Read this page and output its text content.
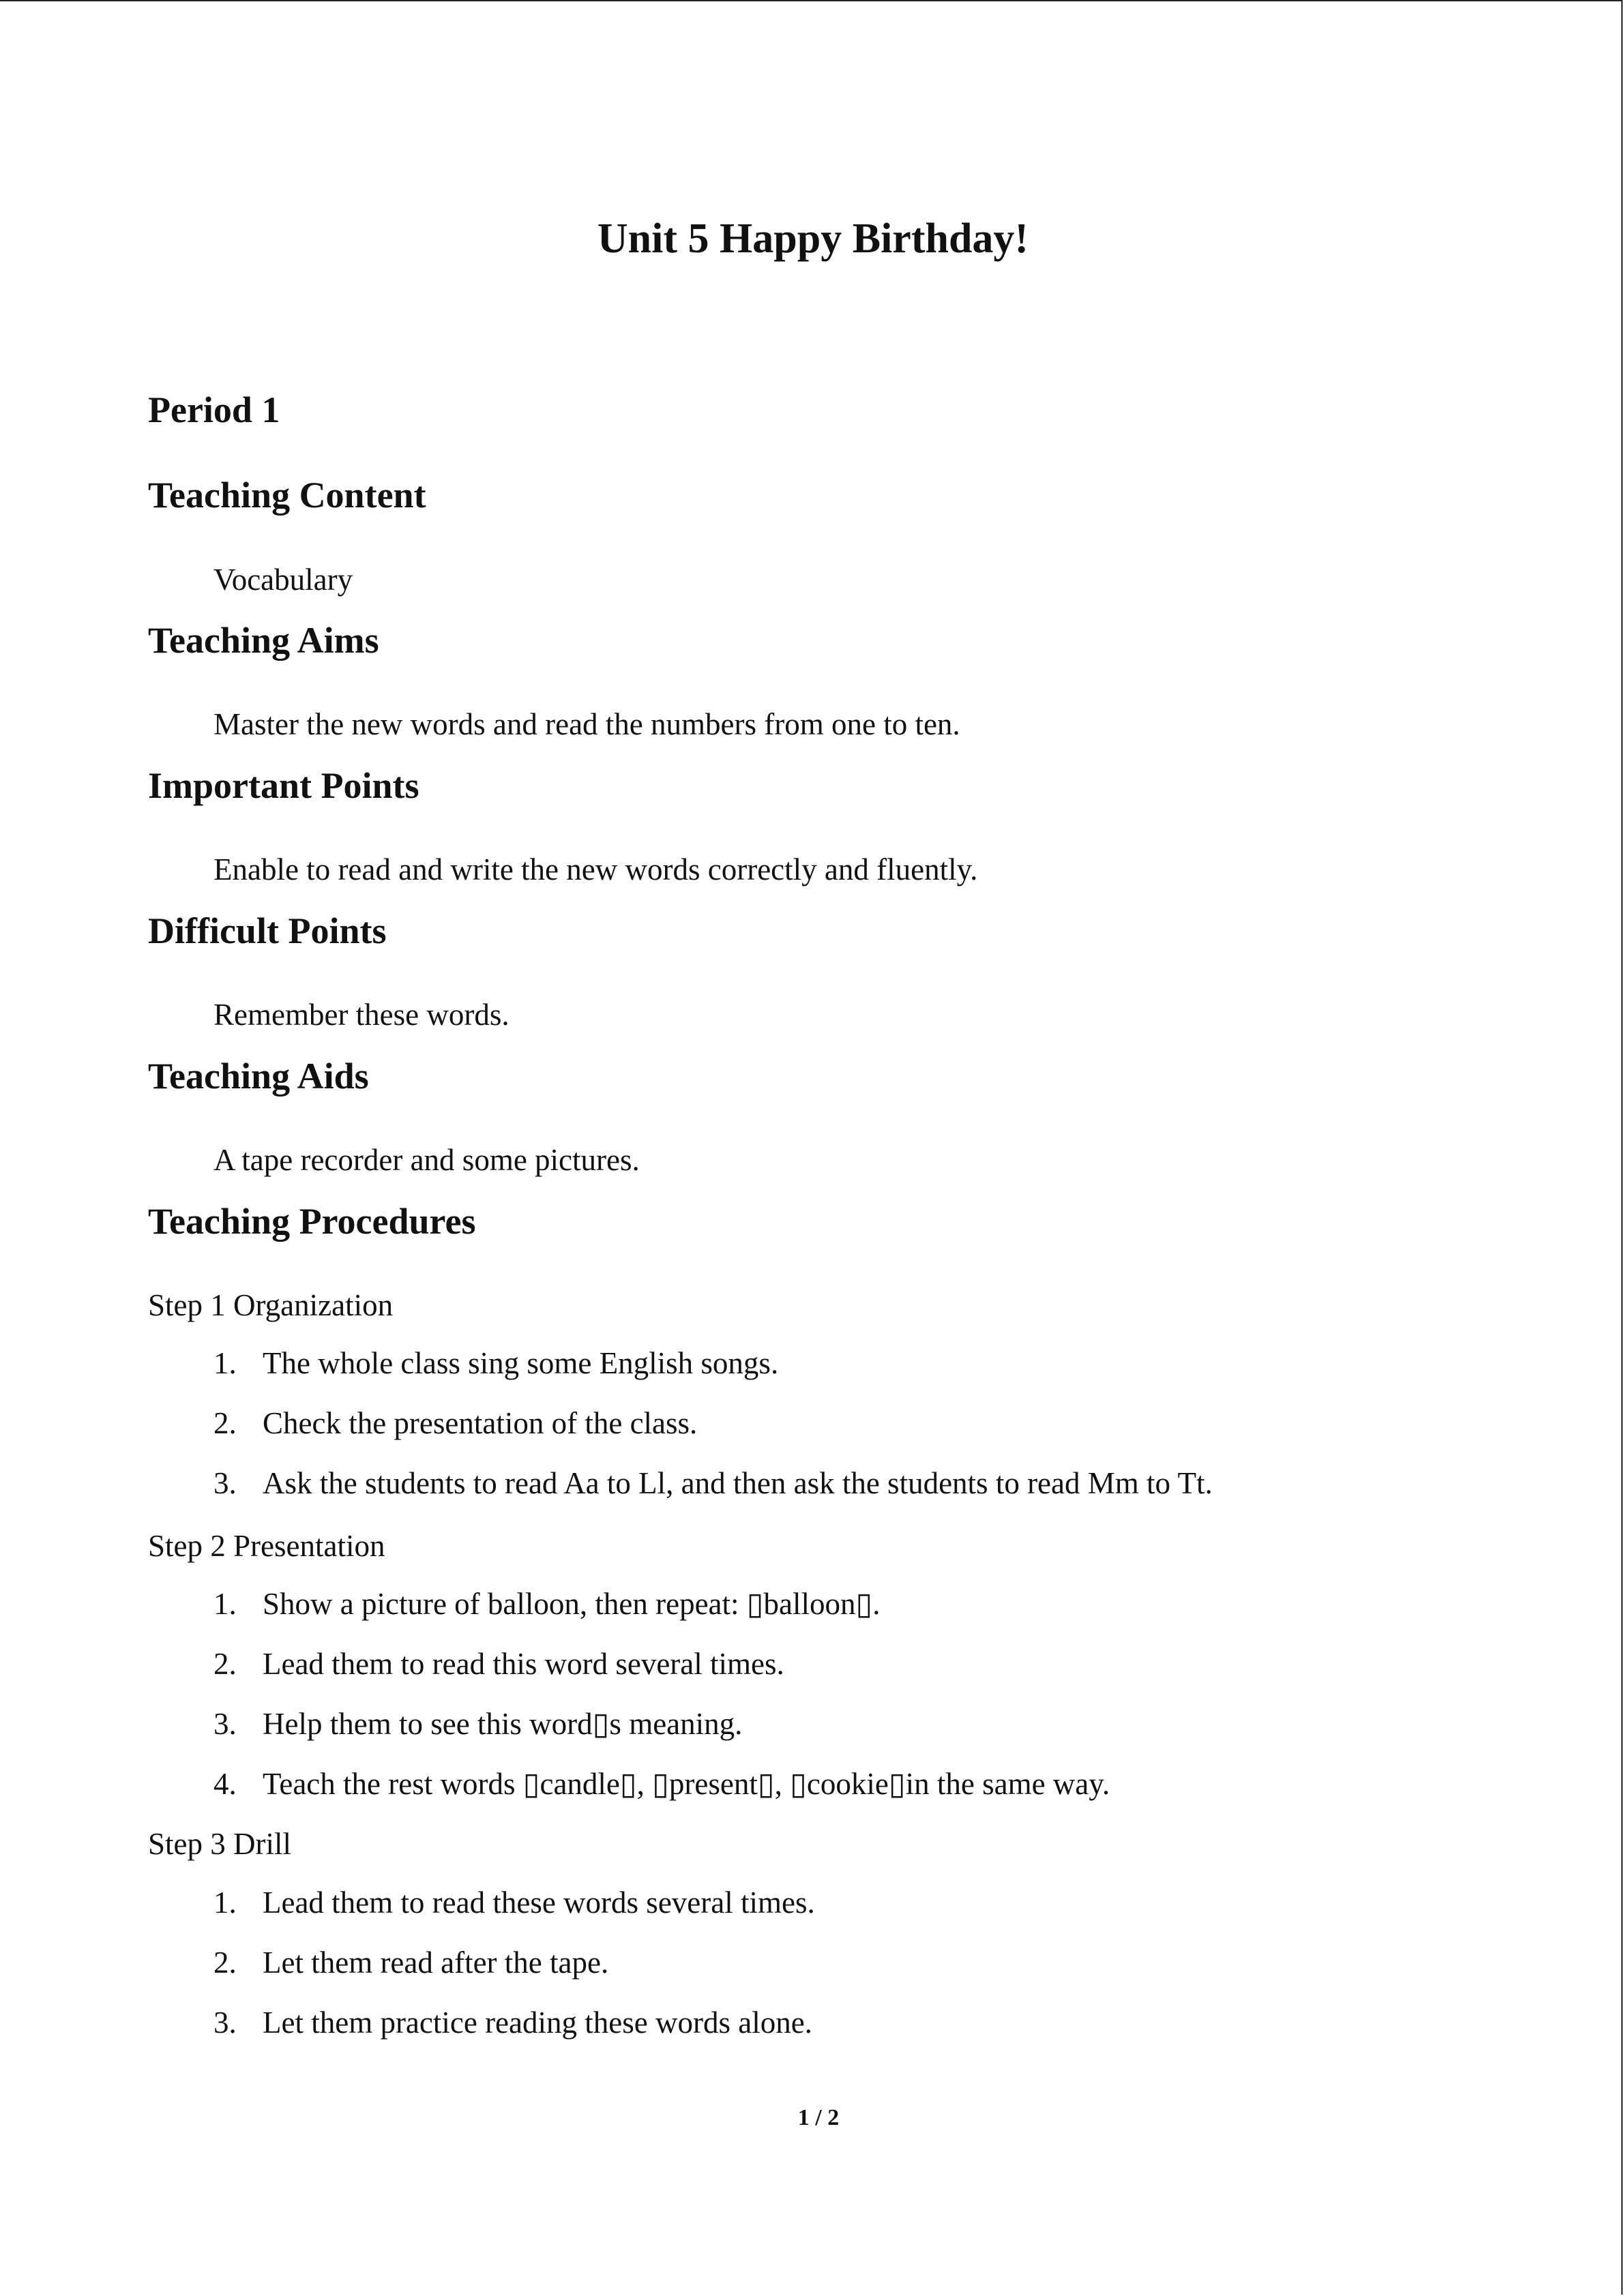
Unit 5 Happy Birthday!
Period 1
Teaching Content

Vocabulary

Teaching Aims

Master the new words and read the numbers from one to ten.

Important Points

Enable to read and write the new words correctly and fluently.

Difficult Points

Remember these words.

Teaching Aids

A tape recorder and some pictures.

Teaching Procedures

Step 1 Organization

1. The whole class sing some English songs.

2. Check the presentation of the class.

3. Ask the students to read Aa to Ll, and then ask the students to read Mm to Tt.

Step 2 Presentation

1. Show a picture of balloon, then repeat: ▯balloon▯.

2. Lead them to read this word several times.

3. Help them to see this word▯s meaning.

4. Teach the rest words ▯candle▯, ▯present▯, ▯cookie▯in the same way.

Step 3 Drill

1. Lead them to read these words several times.

2. Let them read after the tape.

3. Let them practice reading these words alone.

1 / 2
